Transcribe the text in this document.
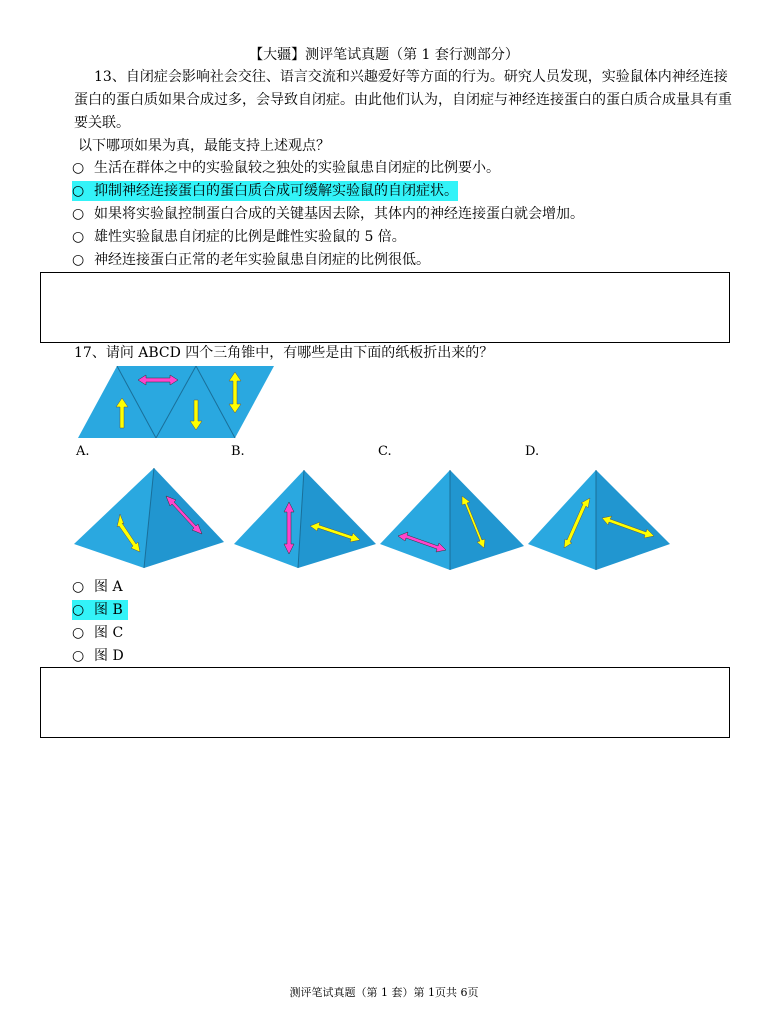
【大疆】测评笔试真题（第 1 套行测部分）
13、自闭症会影响社会交往、语言交流和兴趣爱好等方面的行为。研究人员发现，实验鼠体内神经连接蛋白的蛋白质如果合成过多，会导致自闭症。由此他们认为，自闭症与神经连接蛋白的蛋白质合成量具有重要关联。
以下哪项如果为真，最能支持上述观点？
○ 生活在群体之中的实验鼠较之独处的实验鼠患自闭症的比例要小。
○ 抑制神经连接蛋白的蛋白质合成可缓解实验鼠的自闭症状。
○ 如果将实验鼠控制蛋白合成的关键基因去除，其体内的神经连接蛋白就会增加。
○ 雄性实验鼠患自闭症的比例是雌性实验鼠的 5 倍。
○ 神经连接蛋白正常的老年实验鼠患自闭症的比例很低。
17、请问 ABCD 四个三角锥中，有哪些是由下面的纸板折出来的？
A.	B.	C.	D.
○ 图 A
○ 图 B
○ 图 C
○ 图 D
测评笔试真题（第 1 套）第 1页共 6页
